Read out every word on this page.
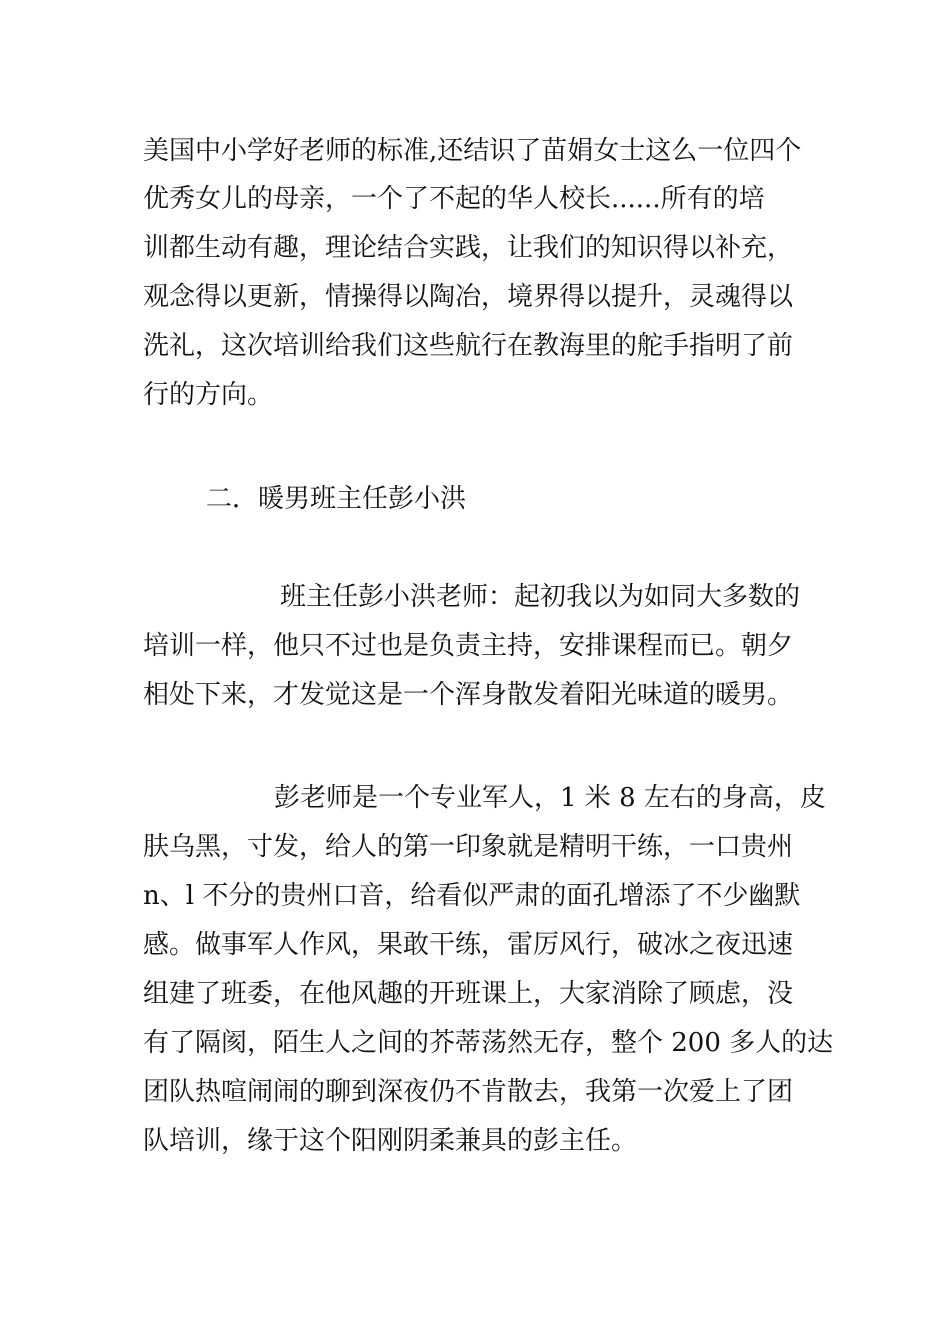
美国中小学好老师的标准,还结识了苗娟女士这么一位四个
优秀女儿的母亲，一个了不起的华人校长......所有的培
训都生动有趣，理论结合实践，让我们的知识得以补充，
观念得以更新，情操得以陶冶，境界得以提升，灵魂得以
洗礼，这次培训给我们这些航行在教海里的舵手指明了前
行的方向。
二．暖男班主任彭小洪
班主任彭小洪老师：起初我以为如同大多数的
培训一样，他只不过也是负责主持，安排课程而已。朝夕
相处下来，才发觉这是一个浑身散发着阳光味道的暖男。
彭老师是一个专业军人，1 米 8 左右的身高，皮
肤乌黑，寸发，给人的第一印象就是精明干练，一口贵州
n、l 不分的贵州口音，给看似严肃的面孔增添了不少幽默
感。做事军人作风，果敢干练，雷厉风行，破冰之夜迅速
组建了班委，在他风趣的开班课上，大家消除了顾虑，没
有了隔阂，陌生人之间的芥蒂荡然无存，整个 200 多人的达
团队热喧闹闹的聊到深夜仍不肯散去，我第一次爱上了团
队培训，缘于这个阳刚阴柔兼具的彭主任。
